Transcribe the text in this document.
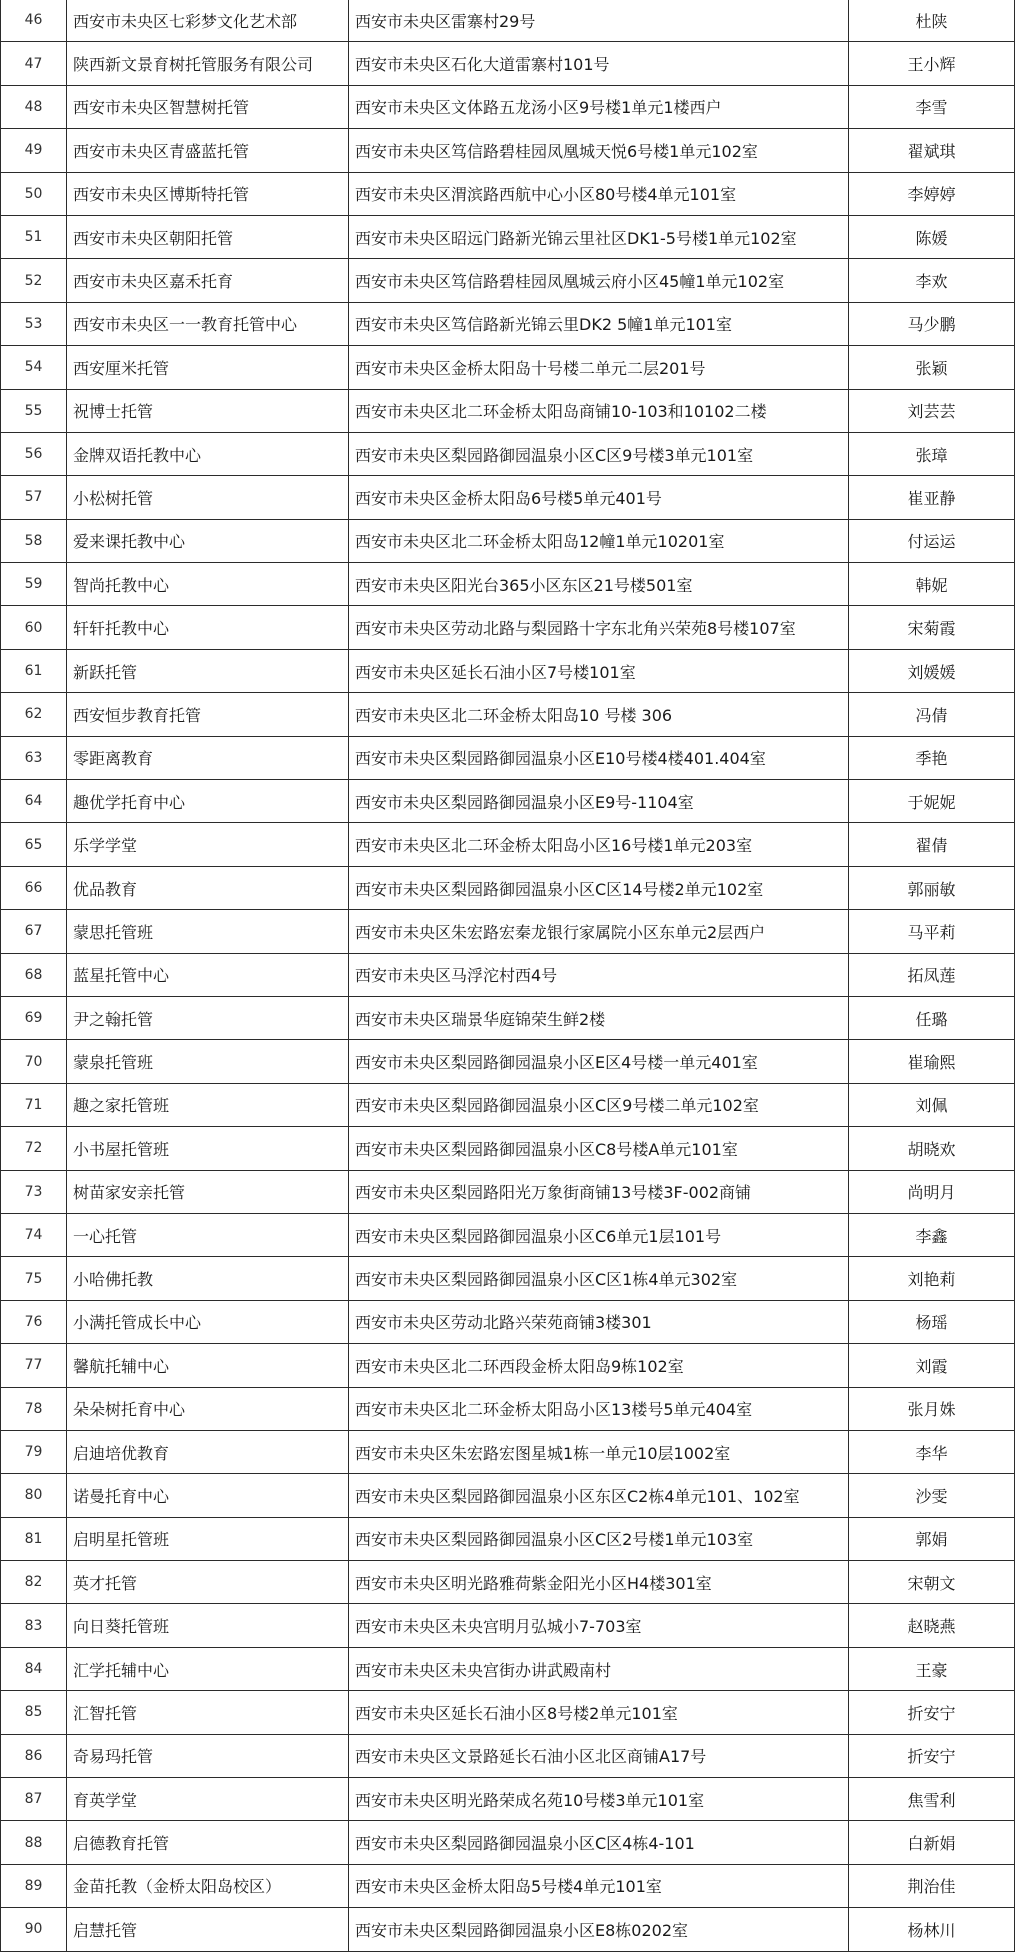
46	西安市未央区七彩梦文化艺术部	西安市未央区雷寨村29号	杜陕
47	陕西新文景育树托管服务有限公司	西安市未央区石化大道雷寨村101号	王小辉
48	西安市未央区智慧树托管	西安市未央区文体路五龙汤小区9号楼1单元1楼西户	李雪
49	西安市未央区青盛蓝托管	西安市未央区笃信路碧桂园凤凰城天悦6号楼1单元102室	翟斌琪
50	西安市未央区博斯特托管	西安市未央区渭滨路西航中心小区80号楼4单元101室	李婷婷
51	西安市未央区朝阳托管	西安市未央区昭远门路新光锦云里社区DK1-5号楼1单元102室	陈媛
52	西安市未央区嘉禾托育	西安市未央区笃信路碧桂园凤凰城云府小区45幢1单元102室	李欢
53	西安市未央区一一教育托管中心	西安市未央区笃信路新光锦云里DK2 5幢1单元101室	马少鹏
54	西安厘米托管	西安市未央区金桥太阳岛十号楼二单元二层201号	张颖
55	祝博士托管	西安市未央区北二环金桥太阳岛商铺10-103和10102二楼	刘芸芸
56	金牌双语托教中心	西安市未央区梨园路御园温泉小区C区9号楼3单元101室	张璋
57	小松树托管	西安市未央区金桥太阳岛6号楼5单元401号	崔亚静
58	爱来课托教中心	西安市未央区北二环金桥太阳岛12幢1单元10201室	付运运
59	智尚托教中心	西安市未央区阳光台365小区东区21号楼501室	韩妮
60	轩轩托教中心	西安市未央区劳动北路与梨园路十字东北角兴荣苑8号楼107室	宋菊霞
61	新跃托管	西安市未央区延长石油小区7号楼101室	刘媛媛
62	西安恒步教育托管	西安市未央区北二环金桥太阳岛10 号楼 306	冯倩
63	零距离教育	西安市未央区梨园路御园温泉小区E10号楼4楼401.404室	季艳
64	趣优学托育中心	西安市未央区梨园路御园温泉小区E9号-1104室	于妮妮
65	乐学学堂	西安市未央区北二环金桥太阳岛小区16号楼1单元203室	翟倩
66	优品教育	西安市未央区梨园路御园温泉小区C区14号楼2单元102室	郭丽敏
67	蒙思托管班	西安市未央区朱宏路宏秦龙银行家属院小区东单元2层西户	马平莉
68	蓝星托管中心	西安市未央区马浮沱村西4号	拓凤莲
69	尹之翰托管	西安市未央区瑞景华庭锦荣生鲜2楼	任璐
70	蒙泉托管班	西安市未央区梨园路御园温泉小区E区4号楼一单元401室	崔瑜熙
71	趣之家托管班	西安市未央区梨园路御园温泉小区C区9号楼二单元102室	刘佩
72	小书屋托管班	西安市未央区梨园路御园温泉小区C8号楼A单元101室	胡晓欢
73	树苗家安亲托管	西安市未央区梨园路阳光万象街商铺13号楼3F-002商铺	尚明月
74	一心托管	西安市未央区梨园路御园温泉小区C6单元1层101号	李鑫
75	小哈佛托教	西安市未央区梨园路御园温泉小区C区1栋4单元302室	刘艳莉
76	小满托管成长中心	西安市未央区劳动北路兴荣苑商铺3楼301	杨瑶
77	馨航托辅中心	西安市未央区北二环西段金桥太阳岛9栋102室	刘霞
78	朵朵树托育中心	西安市未央区北二环金桥太阳岛小区13楼号5单元404室	张月姝
79	启迪培优教育	西安市未央区朱宏路宏图星城1栋一单元10层1002室	李华
80	诺曼托育中心	西安市未央区梨园路御园温泉小区东区C2栋4单元101、102室	沙雯
81	启明星托管班	西安市未央区梨园路御园温泉小区C区2号楼1单元103室	郭娟
82	英才托管	西安市未央区明光路雅荷紫金阳光小区H4楼301室	宋朝文
83	向日葵托管班	西安市未央区未央宫明月弘城小7-703室	赵晓燕
84	汇学托辅中心	西安市未央区未央宫街办讲武殿南村	王豪
85	汇智托管	西安市未央区延长石油小区8号楼2单元101室	折安宁
86	奇易玛托管	西安市未央区文景路延长石油小区北区商铺A17号	折安宁
87	育英学堂	西安市未央区明光路荣成名苑10号楼3单元101室	焦雪利
88	启德教育托管	西安市未央区梨园路御园温泉小区C区4栋4-101	白新娟
89	金苗托教（金桥太阳岛校区）	西安市未央区金桥太阳岛5号楼4单元101室	荆治佳
90	启慧托管	西安市未央区梨园路御园温泉小区E8栋0202室	杨林川
